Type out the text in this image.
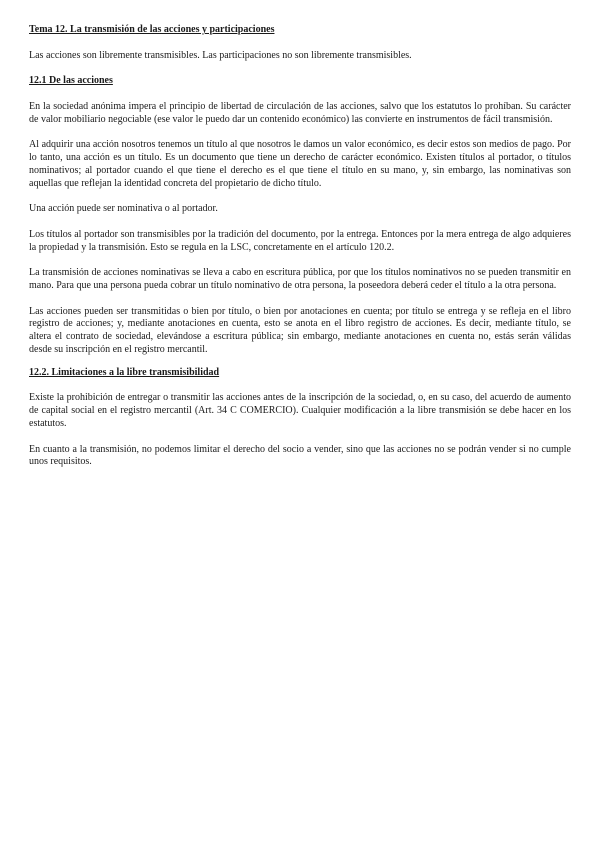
Tema 12. La transmisión de las acciones y participaciones

Las acciones son libremente transmisibles. Las participaciones no son libremente transmisibles.

12.1 De las acciones

En la sociedad anónima impera el principio de libertad de circulación de las acciones, salvo que los estatutos lo prohíban. Su carácter de valor mobiliario negociable (ese valor le puedo dar un contenido económico) las convierte en instrumentos de fácil transmisión.

Al adquirir una acción nosotros tenemos un título al que nosotros le damos un valor económico, es decir estos son medios de pago. Por lo tanto, una acción es un título. Es un documento que tiene un derecho de carácter económico. Existen títulos al portador, o títulos nominativos; al portador cuando el que tiene el derecho es el que tiene el título en su mano, y, sin embargo, las nominativas son aquellas que reflejan la identidad concreta del propietario de dicho título.

Una acción puede ser nominativa o al portador.

Los títulos al portador son transmisibles por la tradición del documento, por la entrega. Entonces por la mera entrega de algo adquieres la propiedad y la transmisión. Esto se regula en la LSC, concretamente en el artículo 120.2.

La transmisión de acciones nominativas se lleva a cabo en escritura pública, por que los títulos nominativos no se pueden transmitir en mano. Para que una persona pueda cobrar un título nominativo de otra persona, la poseedora deberá ceder el título a la otra persona.

Las acciones pueden ser transmitidas o bien por título, o bien por anotaciones en cuenta; por título se entrega y se refleja en el libro registro de acciones; y, mediante anotaciones en cuenta, esto se anota en el libro registro de acciones. Es decir, mediante título, se altera el contrato de sociedad, elevándose a escritura pública; sin embargo, mediante anotaciones en cuenta no, estás serán válidas desde su inscripción en el registro mercantil.

12.2. Limitaciones a la libre transmisibilidad

Existe la prohibición de entregar o transmitir las acciones antes de la inscripción de la sociedad, o, en su caso, del acuerdo de aumento de capital social en el registro mercantil (Art. 34 C COMERCIO). Cualquier modificación a la libre transmisión se debe hacer en los estatutos.

En cuanto a la transmisión, no podemos limitar el derecho del socio a vender, sino que las acciones no se podrán vender si no cumple unos requisitos.
